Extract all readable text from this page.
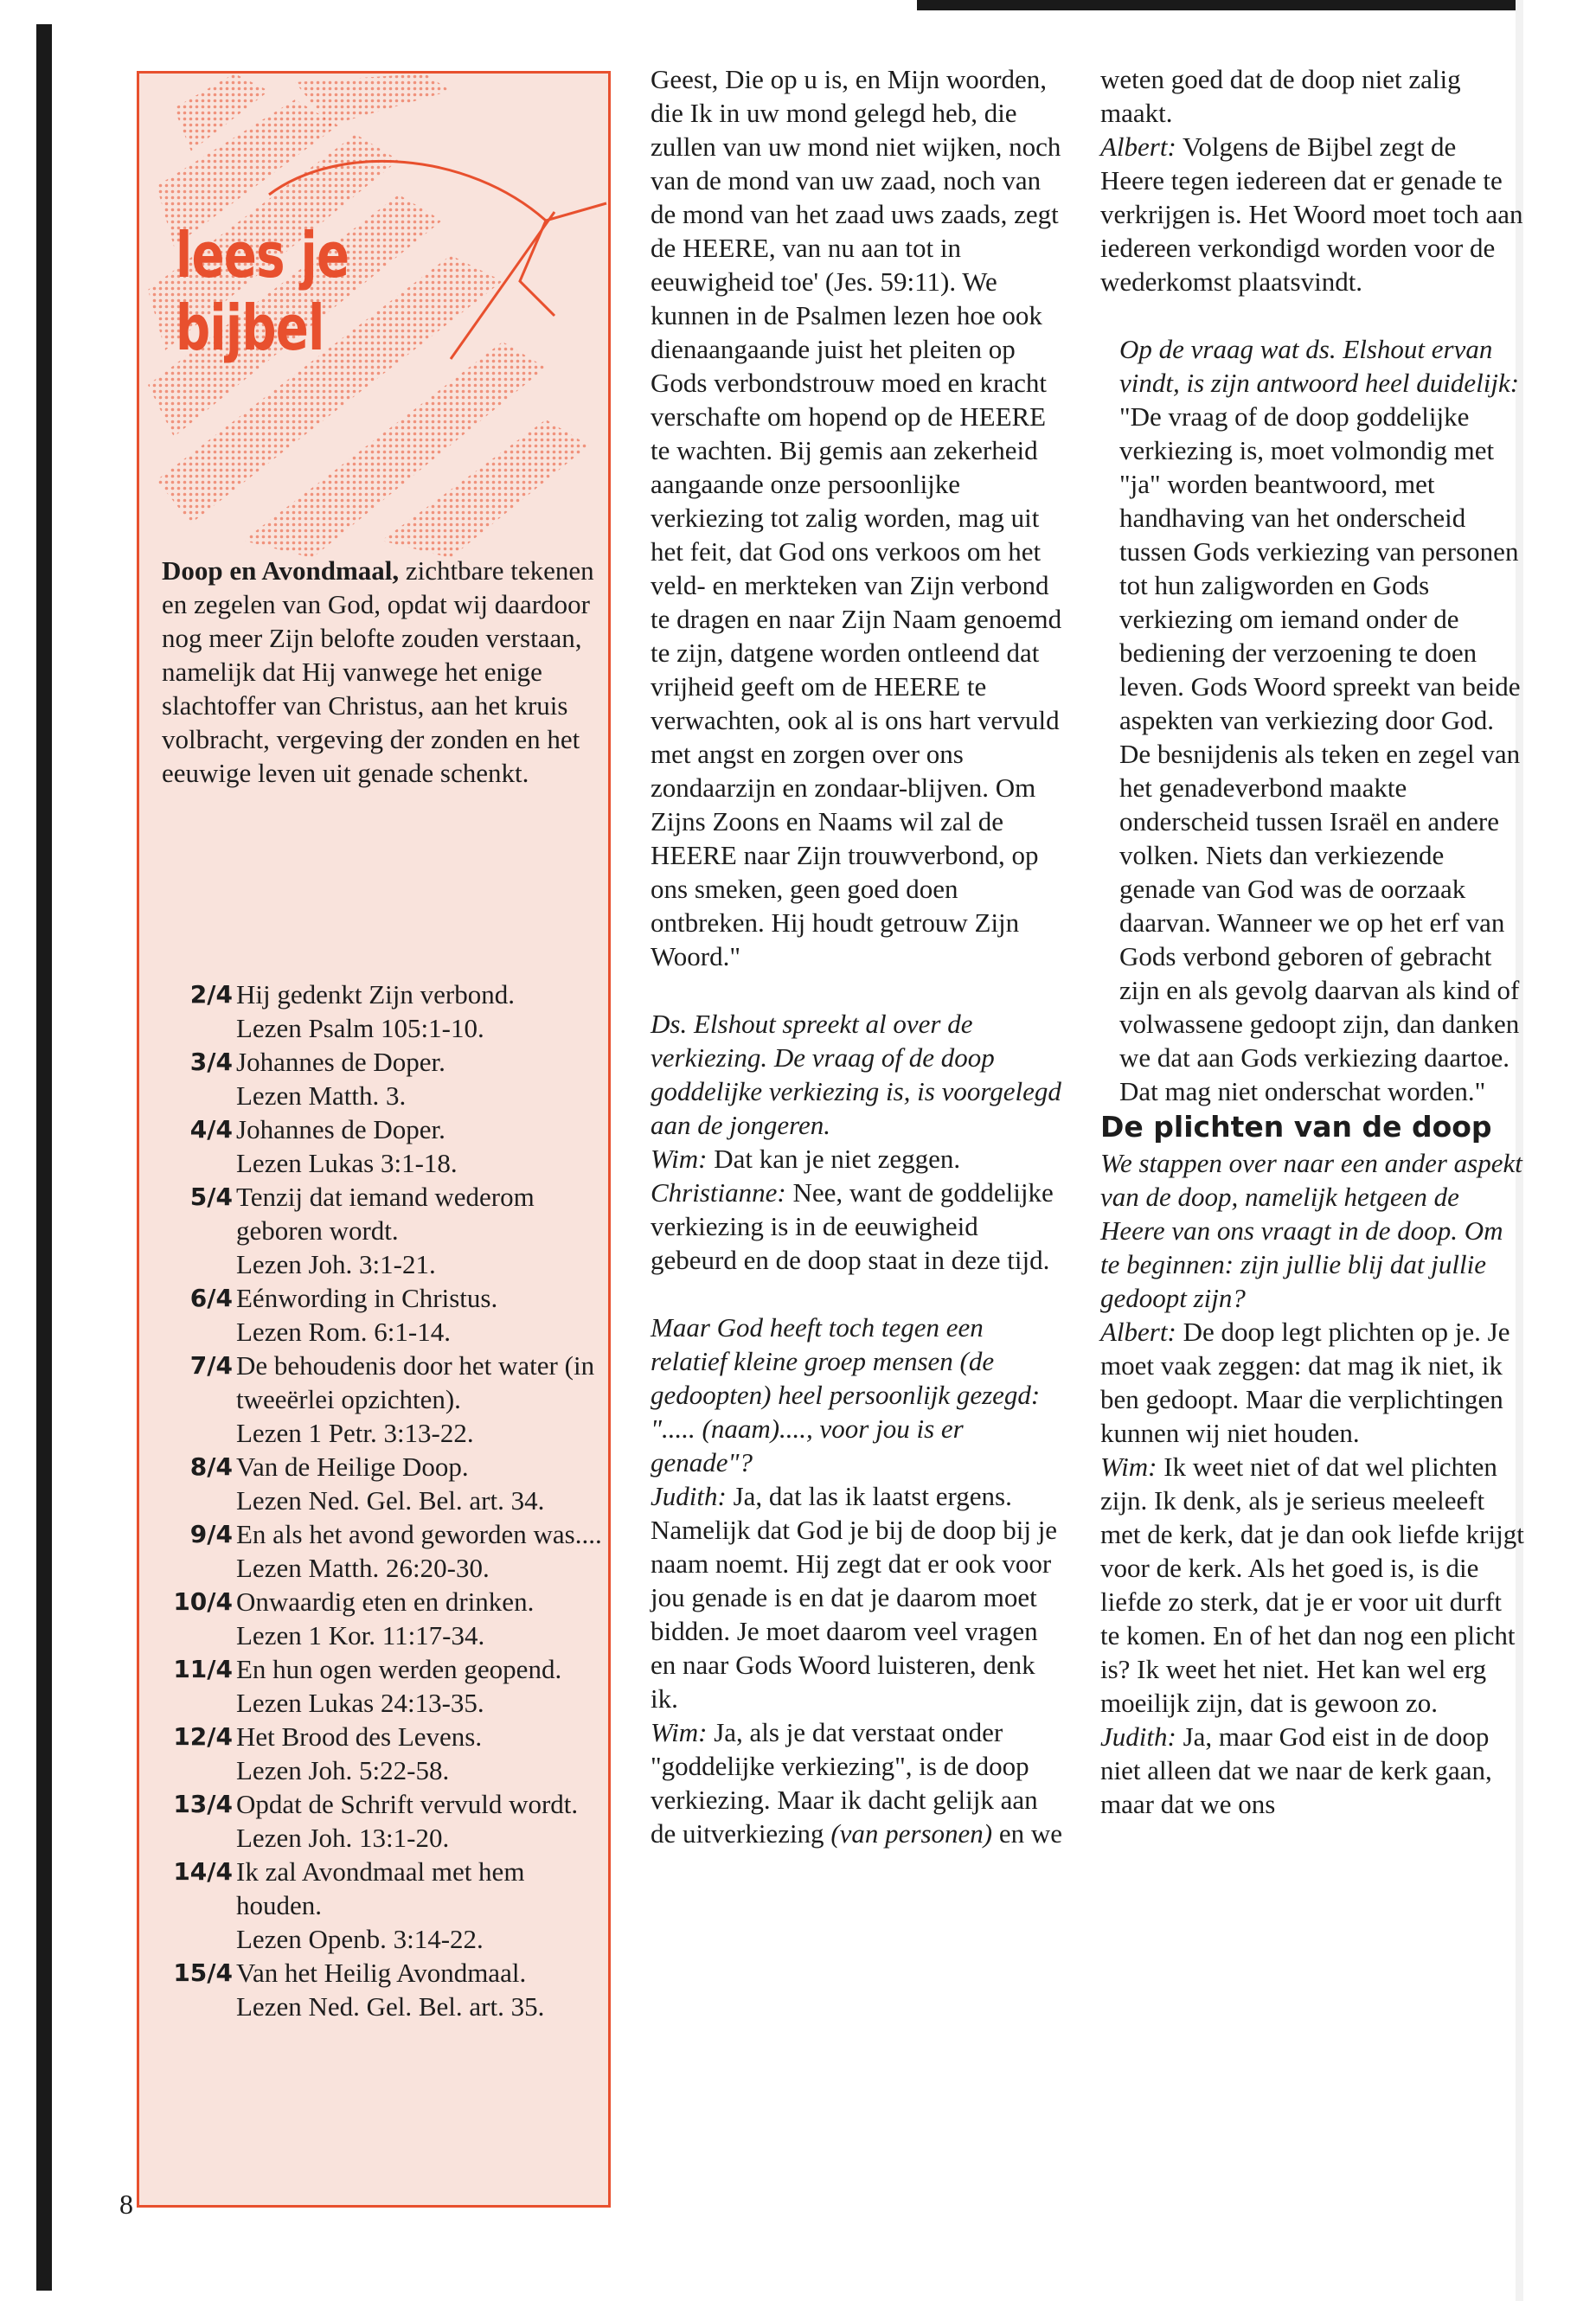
lees je bijbel
Doop en Avondmaal, zichtbare tekenen en zegelen van God, opdat wij daardoor nog meer Zijn belofte zouden verstaan, namelijk dat Hij vanwege het enige slachtoffer van Christus, aan het kruis volbracht, vergeving der zonden en het eeuwige leven uit genade schenkt.
2/4 Hij gedenkt Zijn verbond.
Lezen Psalm 105:1-10.
3/4 Johannes de Doper.
Lezen Matth. 3.
4/4 Johannes de Doper.
Lezen Lukas 3:1-18.
5/4 Tenzij dat iemand wederom geboren wordt.
Lezen Joh. 3:1-21.
6/4 Eénwording in Christus.
Lezen Rom. 6:1-14.
7/4 De behoudenis door het water (in tweeërlei opzichten).
Lezen 1 Petr. 3:13-22.
8/4 Van de Heilige Doop.
Lezen Ned. Gel. Bel. art. 34.
9/4 En als het avond geworden was....
Lezen Matth. 26:20-30.
10/4 Onwaardig eten en drinken.
Lezen 1 Kor. 11:17-34.
11/4 En hun ogen werden geopend.
Lezen Lukas 24:13-35.
12/4 Het Brood des Levens.
Lezen Joh. 5:22-58.
13/4 Opdat de Schrift vervuld wordt.
Lezen Joh. 13:1-20.
14/4 Ik zal Avondmaal met hem houden.
Lezen Openb. 3:14-22.
15/4 Van het Heilig Avondmaal.
Lezen Ned. Gel. Bel. art. 35.
8

Geest, Die op u is, en Mijn woorden, die Ik in uw mond gelegd heb, die zullen van uw mond niet wijken, noch van de mond van uw zaad, noch van de mond van het zaad uws zaads, zegt de HEERE, van nu aan tot in eeuwigheid toe' (Jes. 59:11). We kunnen in de Psalmen lezen hoe ook dienaangaande juist het pleiten op Gods verbondstrouw moed en kracht verschafte om hopend op de HEERE te wachten. Bij gemis aan zekerheid aangaande onze persoonlijke verkiezing tot zalig worden, mag uit het feit, dat God ons verkoos om het veld- en merkteken van Zijn verbond te dragen en naar Zijn Naam genoemd te zijn, datgene worden ontleend dat vrijheid geeft om de HEERE te verwachten, ook al is ons hart vervuld met angst en zorgen over ons zondaarzijn en zondaar-blijven. Om Zijns Zoons en Naams wil zal de HEERE naar Zijn trouwverbond, op ons smeken, geen goed doen ontbreken. Hij houdt getrouw Zijn Woord."

Ds. Elshout spreekt al over de verkiezing. De vraag of de doop goddelijke verkiezing is, is voorgelegd aan de jongeren.

Wim: Dat kan je niet zeggen.

Christianne: Nee, want de goddelijke verkiezing is in de eeuwigheid gebeurd en de doop staat in deze tijd.

Maar God heeft toch tegen een relatief kleine groep mensen (de gedoopten) heel persoonlijk gezegd: "..... (naam)...., voor jou is er genade"?

Judith: Ja, dat las ik laatst ergens. Namelijk dat God je bij de doop bij je naam noemt. Hij zegt dat er ook voor jou genade is en dat je daarom moet bidden. Je moet daarom veel vragen en naar Gods Woord luisteren, denk ik.

Wim: Ja, als je dat verstaat onder "goddelijke verkiezing", is de doop verkiezing. Maar ik dacht gelijk aan de uitverkiezing (van personen) en we

weten goed dat de doop niet zalig maakt.

Albert: Volgens de Bijbel zegt de Heere tegen iedereen dat er genade te verkrijgen is. Het Woord moet toch aan iedereen verkondigd worden voor de wederkomst plaatsvindt.

Op de vraag wat ds. Elshout ervan vindt, is zijn antwoord heel duidelijk:

"De vraag of de doop goddelijke verkiezing is, moet volmondig met "ja" worden beantwoord, met handhaving van het onderscheid tussen Gods verkiezing van personen tot hun zaligworden en Gods verkiezing om iemand onder de bediening der verzoening te doen leven. Gods Woord spreekt van beide aspekten van verkiezing door God. De besnijdenis als teken en zegel van het genadeverbond maakte onderscheid tussen Israël en andere volken. Niets dan verkiezende genade van God was de oorzaak daarvan. Wanneer we op het erf van Gods verbond geboren of gebracht zijn en als gevolg daarvan als kind of volwassene gedoopt zijn, dan danken we dat aan Gods verkiezing daartoe. Dat mag niet onderschat worden."

De plichten van de doop

We stappen over naar een ander aspekt van de doop, namelijk hetgeen de Heere van ons vraagt in de doop. Om te beginnen: zijn jullie blij dat jullie gedoopt zijn?

Albert: De doop legt plichten op je. Je moet vaak zeggen: dat mag ik niet, ik ben gedoopt. Maar die verplichtingen kunnen wij niet houden.

Wim: Ik weet niet of dat wel plichten zijn. Ik denk, als je serieus meeleeft met de kerk, dat je dan ook liefde krijgt voor de kerk. Als het goed is, is die liefde zo sterk, dat je er voor uit durft te komen. En of het dan nog een plicht is? Ik weet het niet. Het kan wel erg moeilijk zijn, dat is gewoon zo.

Judith: Ja, maar God eist in de doop niet alleen dat we naar de kerk gaan, maar dat we ons
